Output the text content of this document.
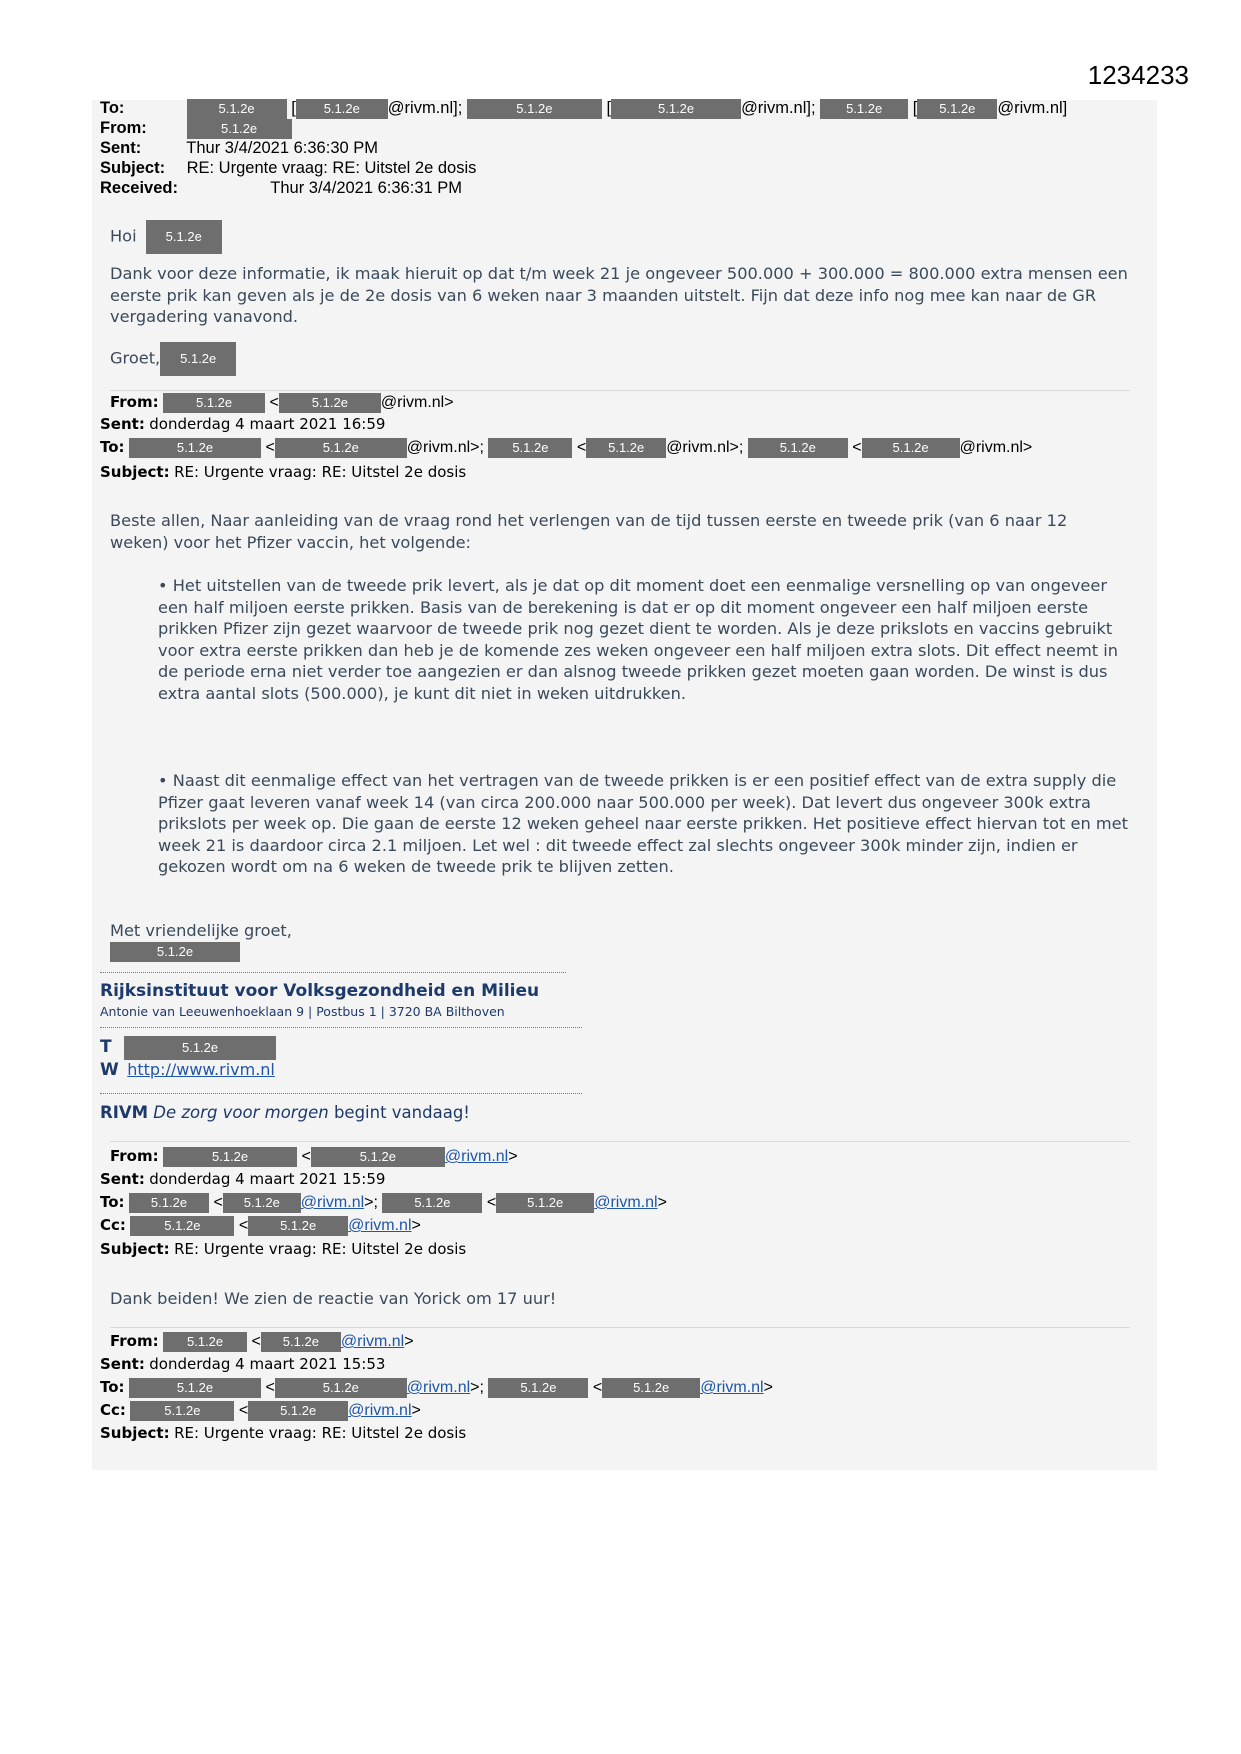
1234233
To:	5.1.2e [ 5.1.2e @rivm.nl];	5.1.2e	[	5.1.2e	@rivm.nl]; 5.1.2e [ 5.1.2e @rivm.nl]
From:	5.1.2e
Sent:	Thur 3/4/2021 6:36:30 PM
Subject: RE: Urgente vraag: RE: Uitstel 2e dosis
Received:	Thur 3/4/2021 6:36:31 PM
Hoi 5.1.2e
Dank voor deze informatie, ik maak hieruit op dat t/m week 21 je ongeveer 500.000 + 300.000 = 800.000 extra mensen een eerste prik kan geven als je de 2e dosis van 6 weken naar 3 maanden uitstelt. Fijn dat deze info nog mee kan naar de GR vergadering vanavond.
Groet, 5.1.2e
From:	5.1.2e <	5.1.2e @rivm.nl>
Sent: donderdag 4 maart 2021 16:59
To:	5.1.2e	<	5.1.2e	@rivm.nl>; 5.1.2e < 5.1.2e @rivm.nl>;	5.1.2e < 5.1.2e @rivm.nl>
Subject: RE: Urgente vraag: RE: Uitstel 2e dosis
Beste allen, Naar aanleiding van de vraag rond het verlengen van de tijd tussen eerste en tweede prik (van 6 naar 12 weken) voor het Pfizer vaccin, het volgende:
• Het uitstellen van de tweede prik levert, als je dat op dit moment doet een eenmalige versnelling op van ongeveer een half miljoen eerste prikken. Basis van de berekening is dat er op dit moment ongeveer een half miljoen eerste prikken Pfizer zijn gezet waarvoor de tweede prik nog gezet dient te worden. Als je deze prikslots en vaccins gebruikt voor extra eerste prikken dan heb je de komende zes weken ongeveer een half miljoen extra slots. Dit effect neemt in de periode erna niet verder toe aangezien er dan alsnog tweede prikken gezet moeten gaan worden. De winst is dus extra aantal slots (500.000), je kunt dit niet in weken uitdrukken.
• Naast dit eenmalige effect van het vertragen van de tweede prikken is er een positief effect van de extra supply die Pfizer gaat leveren vanaf week 14 (van circa 200.000 naar 500.000 per week). Dat levert dus ongeveer 300k extra prikslots per week op. Die gaan de eerste 12 weken geheel naar eerste prikken. Het positieve effect hiervan tot en met week 21 is daardoor circa 2.1 miljoen. Let wel : dit tweede effect zal slechts ongeveer 300k minder zijn, indien er gekozen wordt om na 6 weken de tweede prik te blijven zetten.
Met vriendelijke groet,
5.1.2e
Rijksinstituut voor Volksgezondheid en Milieu
Antonie van Leeuwenhoeklaan 9 | Postbus 1 | 3720 BA Bilthoven
T	5.1.2e
W http://www.rivm.nl
RIVM De zorg voor morgen begint vandaag!
From:	5.1.2e	<	5.1.2e	@rivm.nl>
Sent: donderdag 4 maart 2021 15:59
To: 5.1.2e < 5.1.2e @rivm.nl>;	5.1.2e < 5.1.2e @rivm.nl>
Cc:	5.1.2e < 5.1.2e @rivm.nl>
Subject: RE: Urgente vraag: RE: Uitstel 2e dosis
Dank beiden! We zien de reactie van Yorick om 17 uur!
From: 5.1.2e < 5.1.2e @rivm.nl>
Sent: donderdag 4 maart 2021 15:53
To:	5.1.2e	<	5.1.2e	@rivm.nl>;	5.1.2e < 5.1.2e @rivm.nl>
Cc:	5.1.2e < 5.1.2e @rivm.nl>
Subject: RE: Urgente vraag: RE: Uitstel 2e dosis
